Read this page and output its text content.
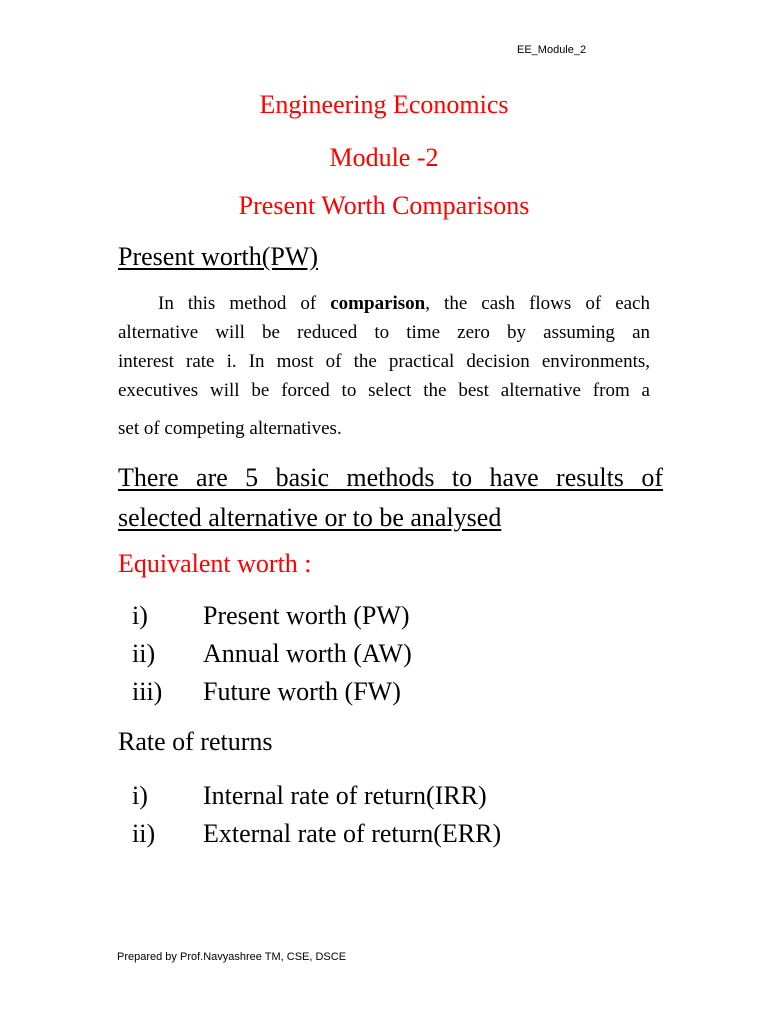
EE_Module_2
Engineering Economics
Module -2
Present Worth Comparisons
Present worth(PW)
In this method of comparison, the cash flows of each
alternative will be reduced to time zero by assuming an
interest rate i. In most of the practical decision environments,
executives will be forced to select the best alternative from a
set of competing alternatives.
There are 5 basic methods to have results of
selected alternative or to be analysed
Equivalent worth :
i) Present worth (PW)
ii) Annual worth (AW)
iii) Future worth (FW)
Rate of returns
i) Internal rate of return(IRR)
ii) External rate of return(ERR)
Prepared by Prof.Navyashree TM, CSE, DSCE
